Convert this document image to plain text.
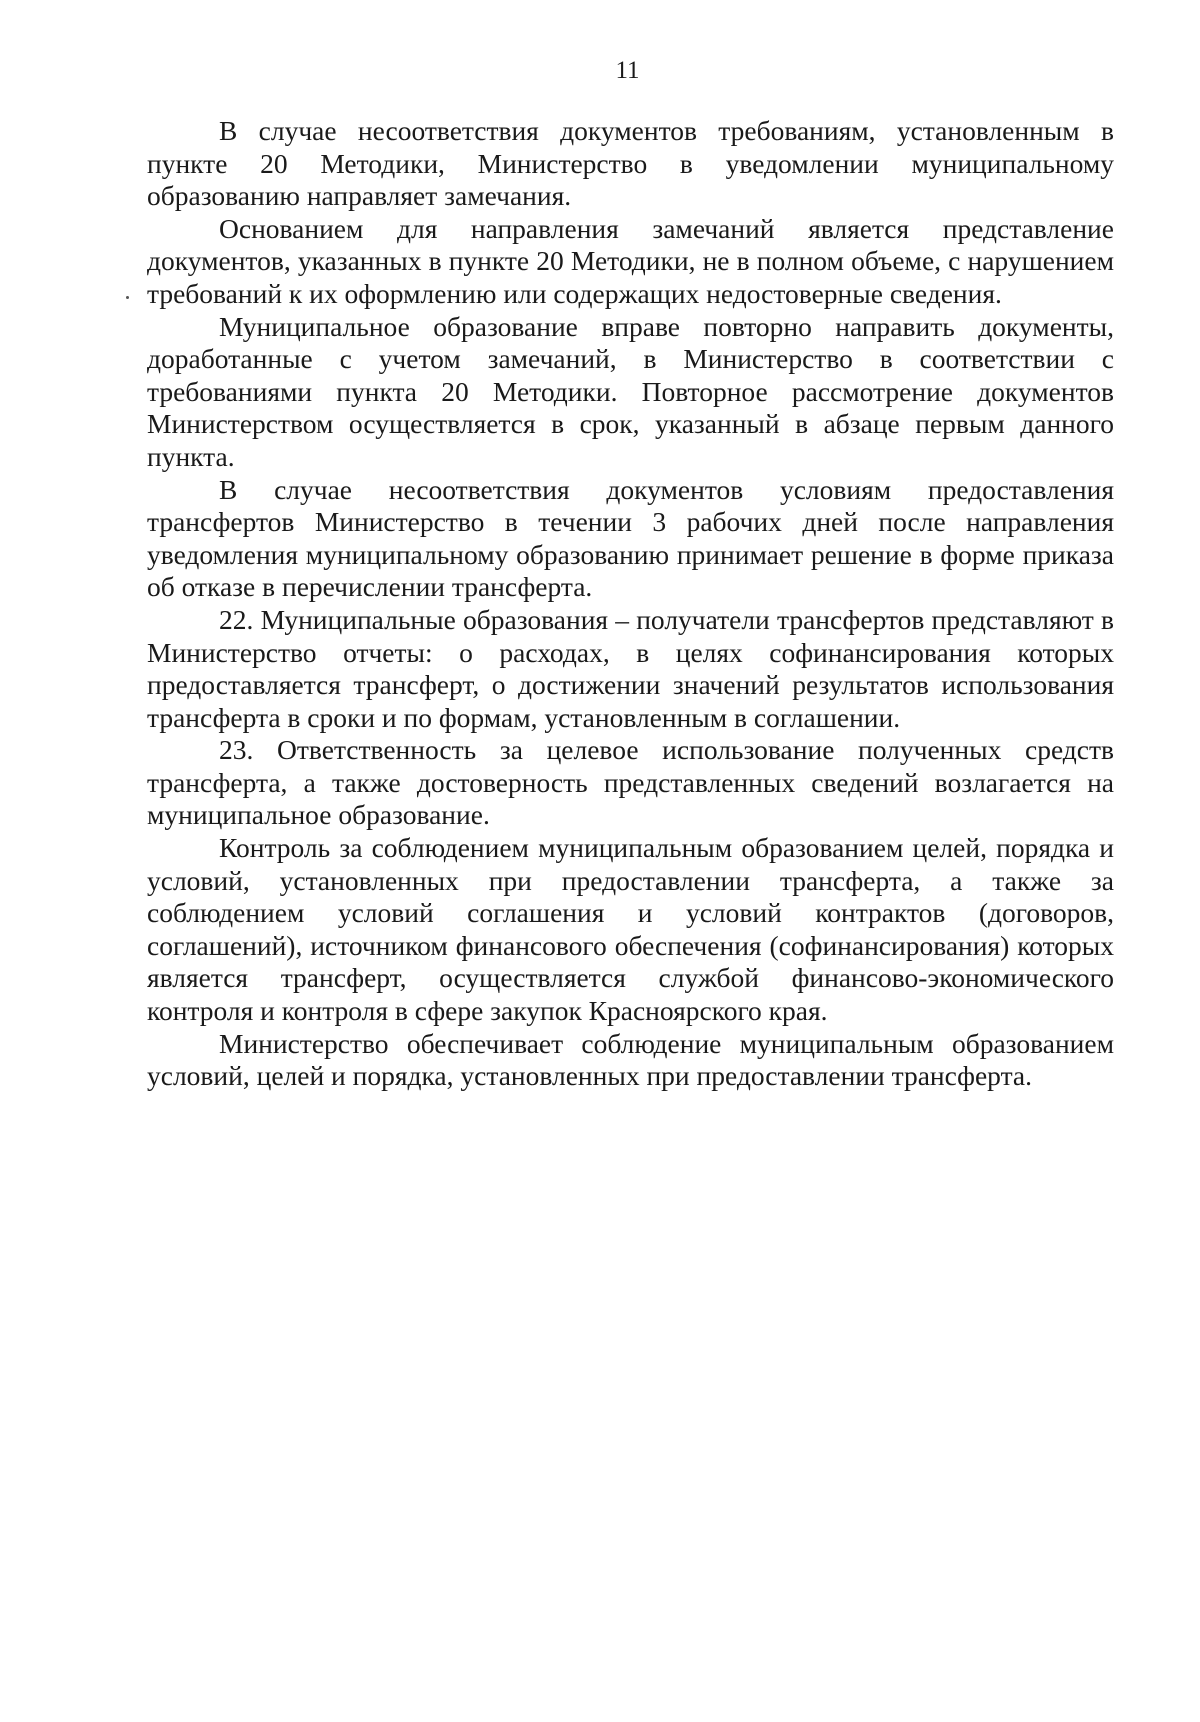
11

В случае несоответствия документов требованиям, установленным в пункте 20 Методики, Министерство в уведомлении муниципальному образованию направляет замечания.

Основанием для направления замечаний является представление документов, указанных в пункте 20 Методики, не в полном объеме, с нарушением требований к их оформлению или содержащих недостоверные сведения.

Муниципальное образование вправе повторно направить документы, доработанные с учетом замечаний, в Министерство в соответствии с требованиями пункта 20 Методики. Повторное рассмотрение документов Министерством осуществляется в срок, указанный в абзаце первым данного пункта.

В случае несоответствия документов условиям предоставления трансфертов Министерство в течении 3 рабочих дней после направления уведомления муниципальному образованию принимает решение в форме приказа об отказе в перечислении трансферта.

22. Муниципальные образования – получатели трансфертов представляют в Министерство отчеты: о расходах, в целях софинансирования которых предоставляется трансферт, о достижении значений результатов использования трансферта в сроки и по формам, установленным в соглашении.

23. Ответственность за целевое использование полученных средств трансферта, а также достоверность представленных сведений возлагается на муниципальное образование.

Контроль за соблюдением муниципальным образованием целей, порядка и условий, установленных при предоставлении трансферта, а также за соблюдением условий соглашения и условий контрактов (договоров, соглашений), источником финансового обеспечения (софинансирования) которых является трансферт, осуществляется службой финансово-экономического контроля и контроля в сфере закупок Красноярского края.

Министерство обеспечивает соблюдение муниципальным образованием условий, целей и порядка, установленных при предоставлении трансферта.
